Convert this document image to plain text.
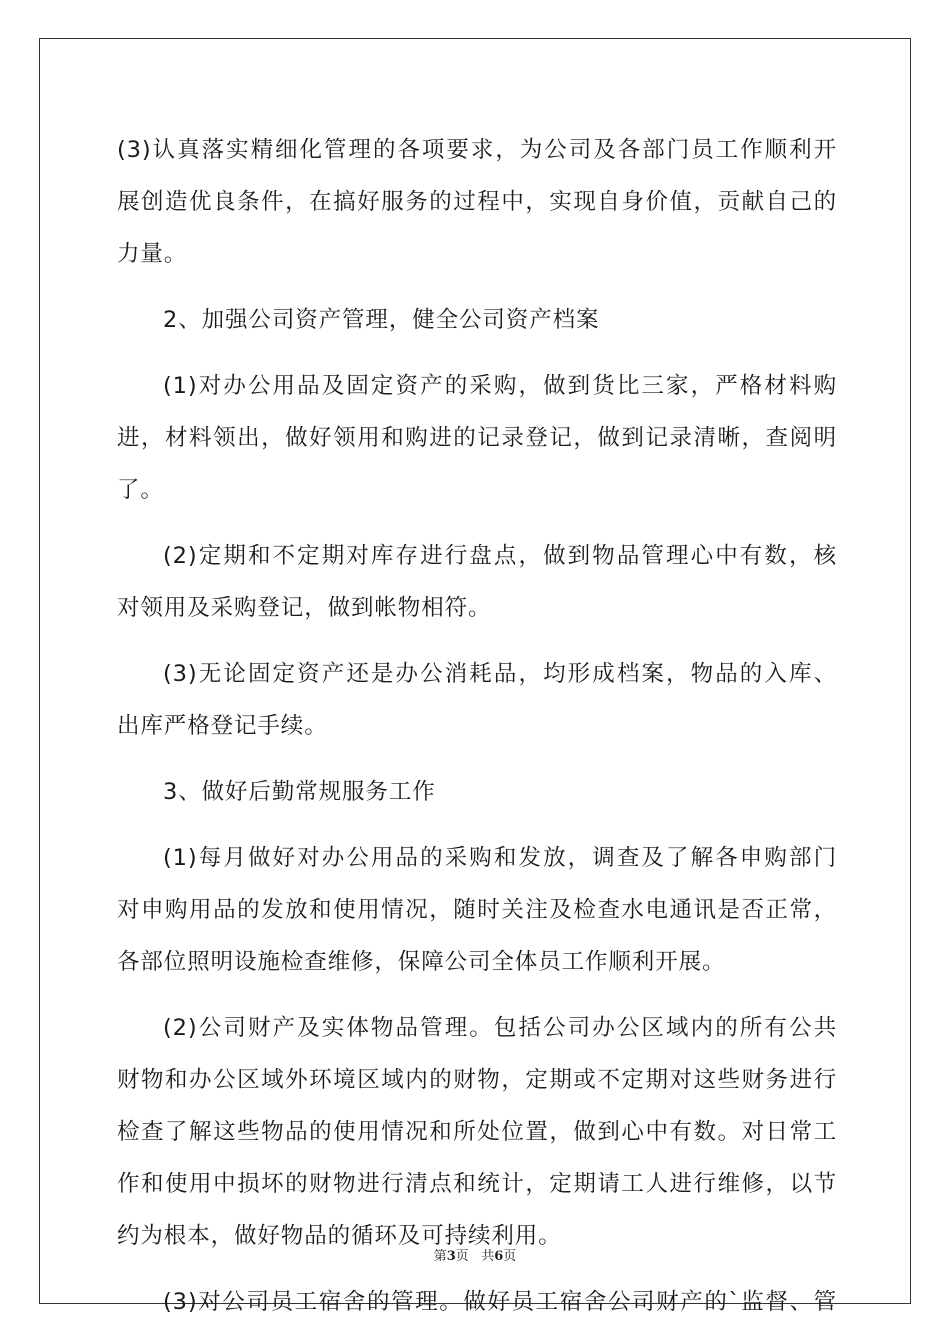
(3)认真落实精细化管理的各项要求，为公司及各部门员工作顺利开
展创造优良条件，在搞好服务的过程中，实现自身价值，贡献自己的
力量。
2、加强公司资产管理，健全公司资产档案
(1)对办公用品及固定资产的采购，做到货比三家，严格材料购
进，材料领出，做好领用和购进的记录登记，做到记录清晰，查阅明
了。
(2)定期和不定期对库存进行盘点，做到物品管理心中有数，核
对领用及采购登记，做到帐物相符。
(3)无论固定资产还是办公消耗品，均形成档案，物品的入库、
出库严格登记手续。
3、做好后勤常规服务工作
(1)每月做好对办公用品的采购和发放，调查及了解各申购部门
对申购用品的发放和使用情况，随时关注及检查水电通讯是否正常，
各部位照明设施检查维修，保障公司全体员工作顺利开展。
(2)公司财产及实体物品管理。包括公司办公区域内的所有公共
财物和办公区域外环境区域内的财物，定期或不定期对这些财务进行
检查了解这些物品的使用情况和所处位置，做到心中有数。对日常工
作和使用中损坏的财物进行清点和统计，定期请工人进行维修，以节
约为根本，做好物品的循环及可持续利用。
(3)对公司员工宿舍的管理。做好员工宿舍公司财产的`监督、管
第3页 共6页
